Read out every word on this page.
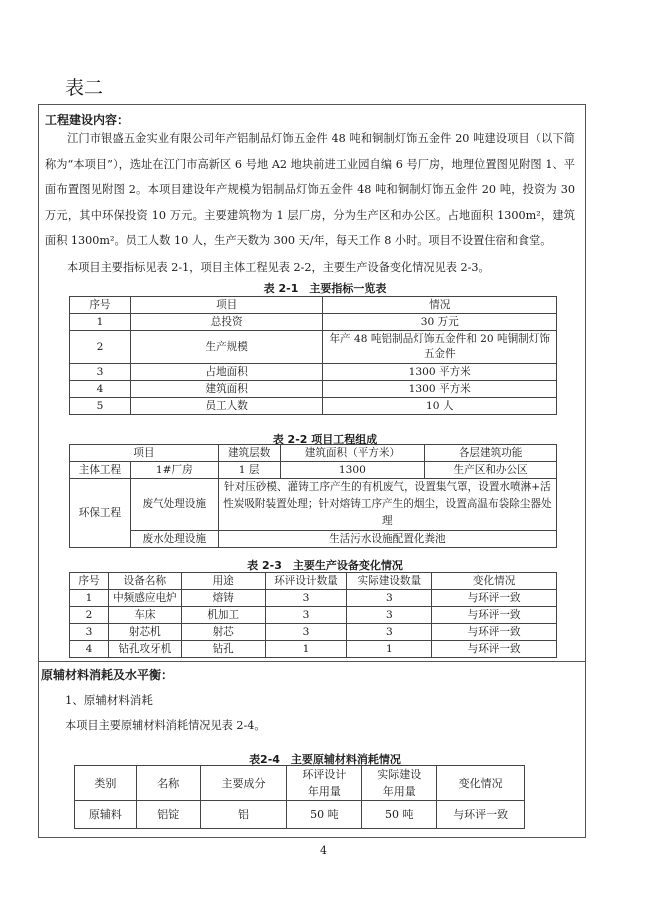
表二
工程建设内容：
江门市银盛五金实业有限公司年产铝制品灯饰五金件 48 吨和铜制灯饰五金件 20 吨建设项目（以下简称为“本项目”），选址在江门市高新区 6 号地 A2 地块前进工业园自编 6 号厂房，地理位置图见附图 1、平面布置图见附图 2。本项目建设年产规模为铝制品灯饰五金件 48 吨和铜制灯饰五金件 20 吨，投资为 30 万元，其中环保投资 10 万元。主要建筑物为 1 层厂房，分为生产区和办公区。占地面积 1300m²，建筑面积 1300m²。员工人数 10 人，生产天数为 300 天/年，每天工作 8 小时。项目不设置住宿和食堂。
本项目主要指标见表 2-1，项目主体工程见表 2-2，主要生产设备变化情况见表 2-3。
表 2-1　主要指标一览表
序号	项目	情况
1	总投资	30 万元
2	生产规模	年产 48 吨铝制品灯饰五金件和 20 吨铜制灯饰五金件
3	占地面积	1300 平方米
4	建筑面积	1300 平方米
5	员工人数	10 人
表 2-2 项目工程组成
项目		建筑层数	建筑面积（平方米）	各层建筑功能
主体工程	1#厂房	1 层	1300	生产区和办公区
环保工程	废气处理设施	针对压砂模、灌铸工序产生的有机废气，设置集气罩，设置水喷淋+活性炭吸附装置处理；针对熔铸工序产生的烟尘，设置高温布袋除尘器处理		
	废水处理设施	生活污水设施配置化粪池		
表 2-3　主要生产设备变化情况
序号	设备名称	用途	环评设计数量	实际建设数量	变化情况
1	中频感应电炉	熔铸	3	3	与环评一致
2	车床	机加工	3	3	与环评一致
3	射芯机	射芯	3	3	与环评一致
4	钻孔攻牙机	钻孔	1	1	与环评一致
原辅材料消耗及水平衡：
1、原辅材料消耗
本项目主要原辅材料消耗情况见表 2-4。
表2-4　主要原辅材料消耗情况
类别	名称	主要成分	环评设计年用量	实际建设年用量	变化情况
原辅料	铝锭	铝	50 吨	50 吨	与环评一致
4
